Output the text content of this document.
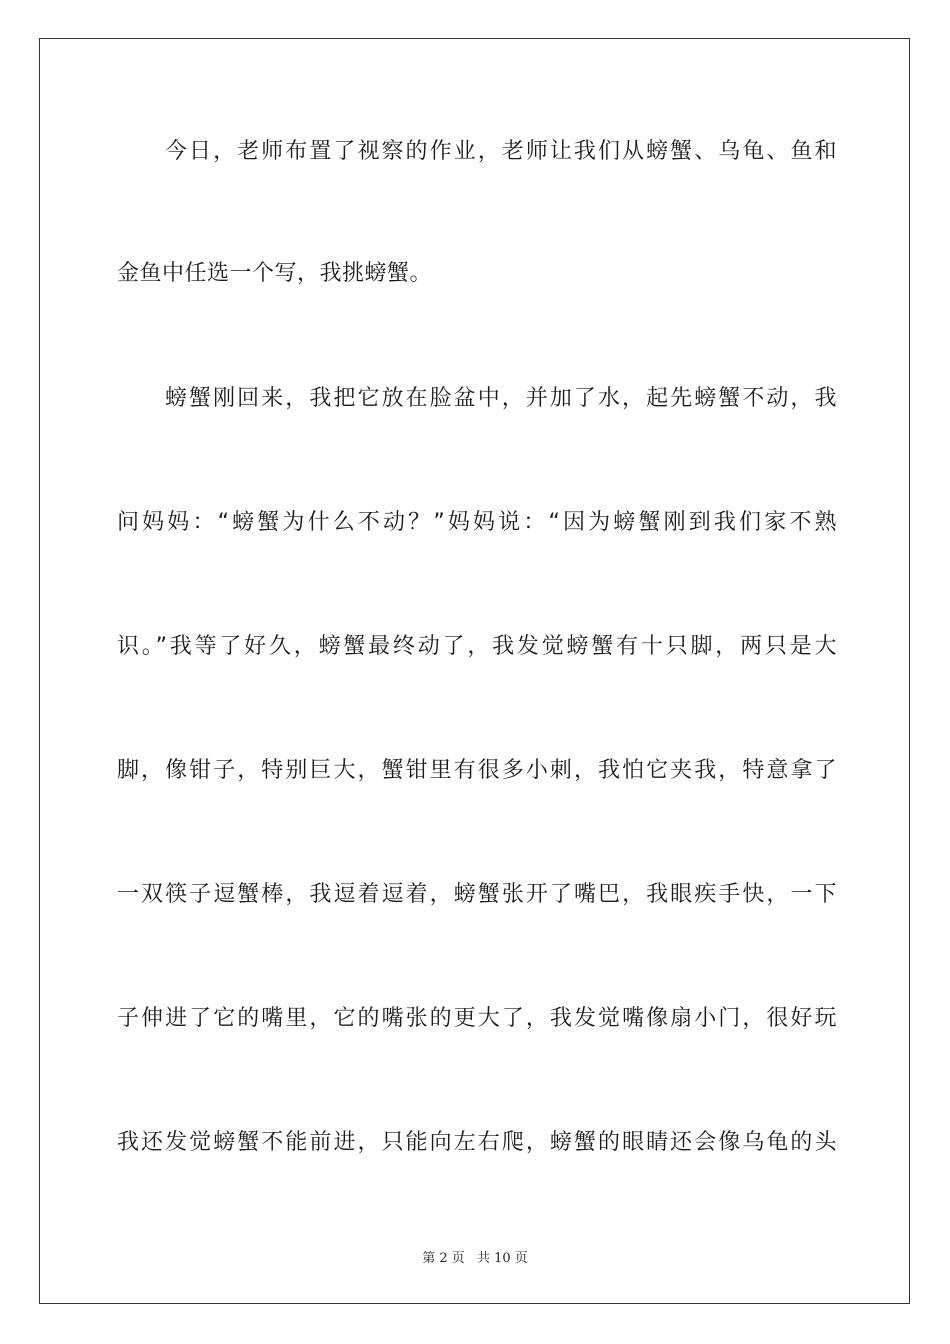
今日，老师布置了视察的作业，老师让我们从螃蟹、乌龟、鱼和
金鱼中任选一个写，我挑螃蟹。
螃蟹刚回来，我把它放在脸盆中，并加了水，起先螃蟹不动，我
问妈妈：“螃蟹为什么不动？”妈妈说：“因为螃蟹刚到我们家不熟
识。”我等了好久，螃蟹最终动了，我发觉螃蟹有十只脚，两只是大
脚，像钳子，特别巨大，蟹钳里有很多小刺，我怕它夹我，特意拿了
一双筷子逗蟹棒，我逗着逗着，螃蟹张开了嘴巴，我眼疾手快，一下
子伸进了它的嘴里，它的嘴张的更大了，我发觉嘴像扇小门，很好玩
我还发觉螃蟹不能前进，只能向左右爬，螃蟹的眼睛还会像乌龟的头
第 2 页 共 10 页
